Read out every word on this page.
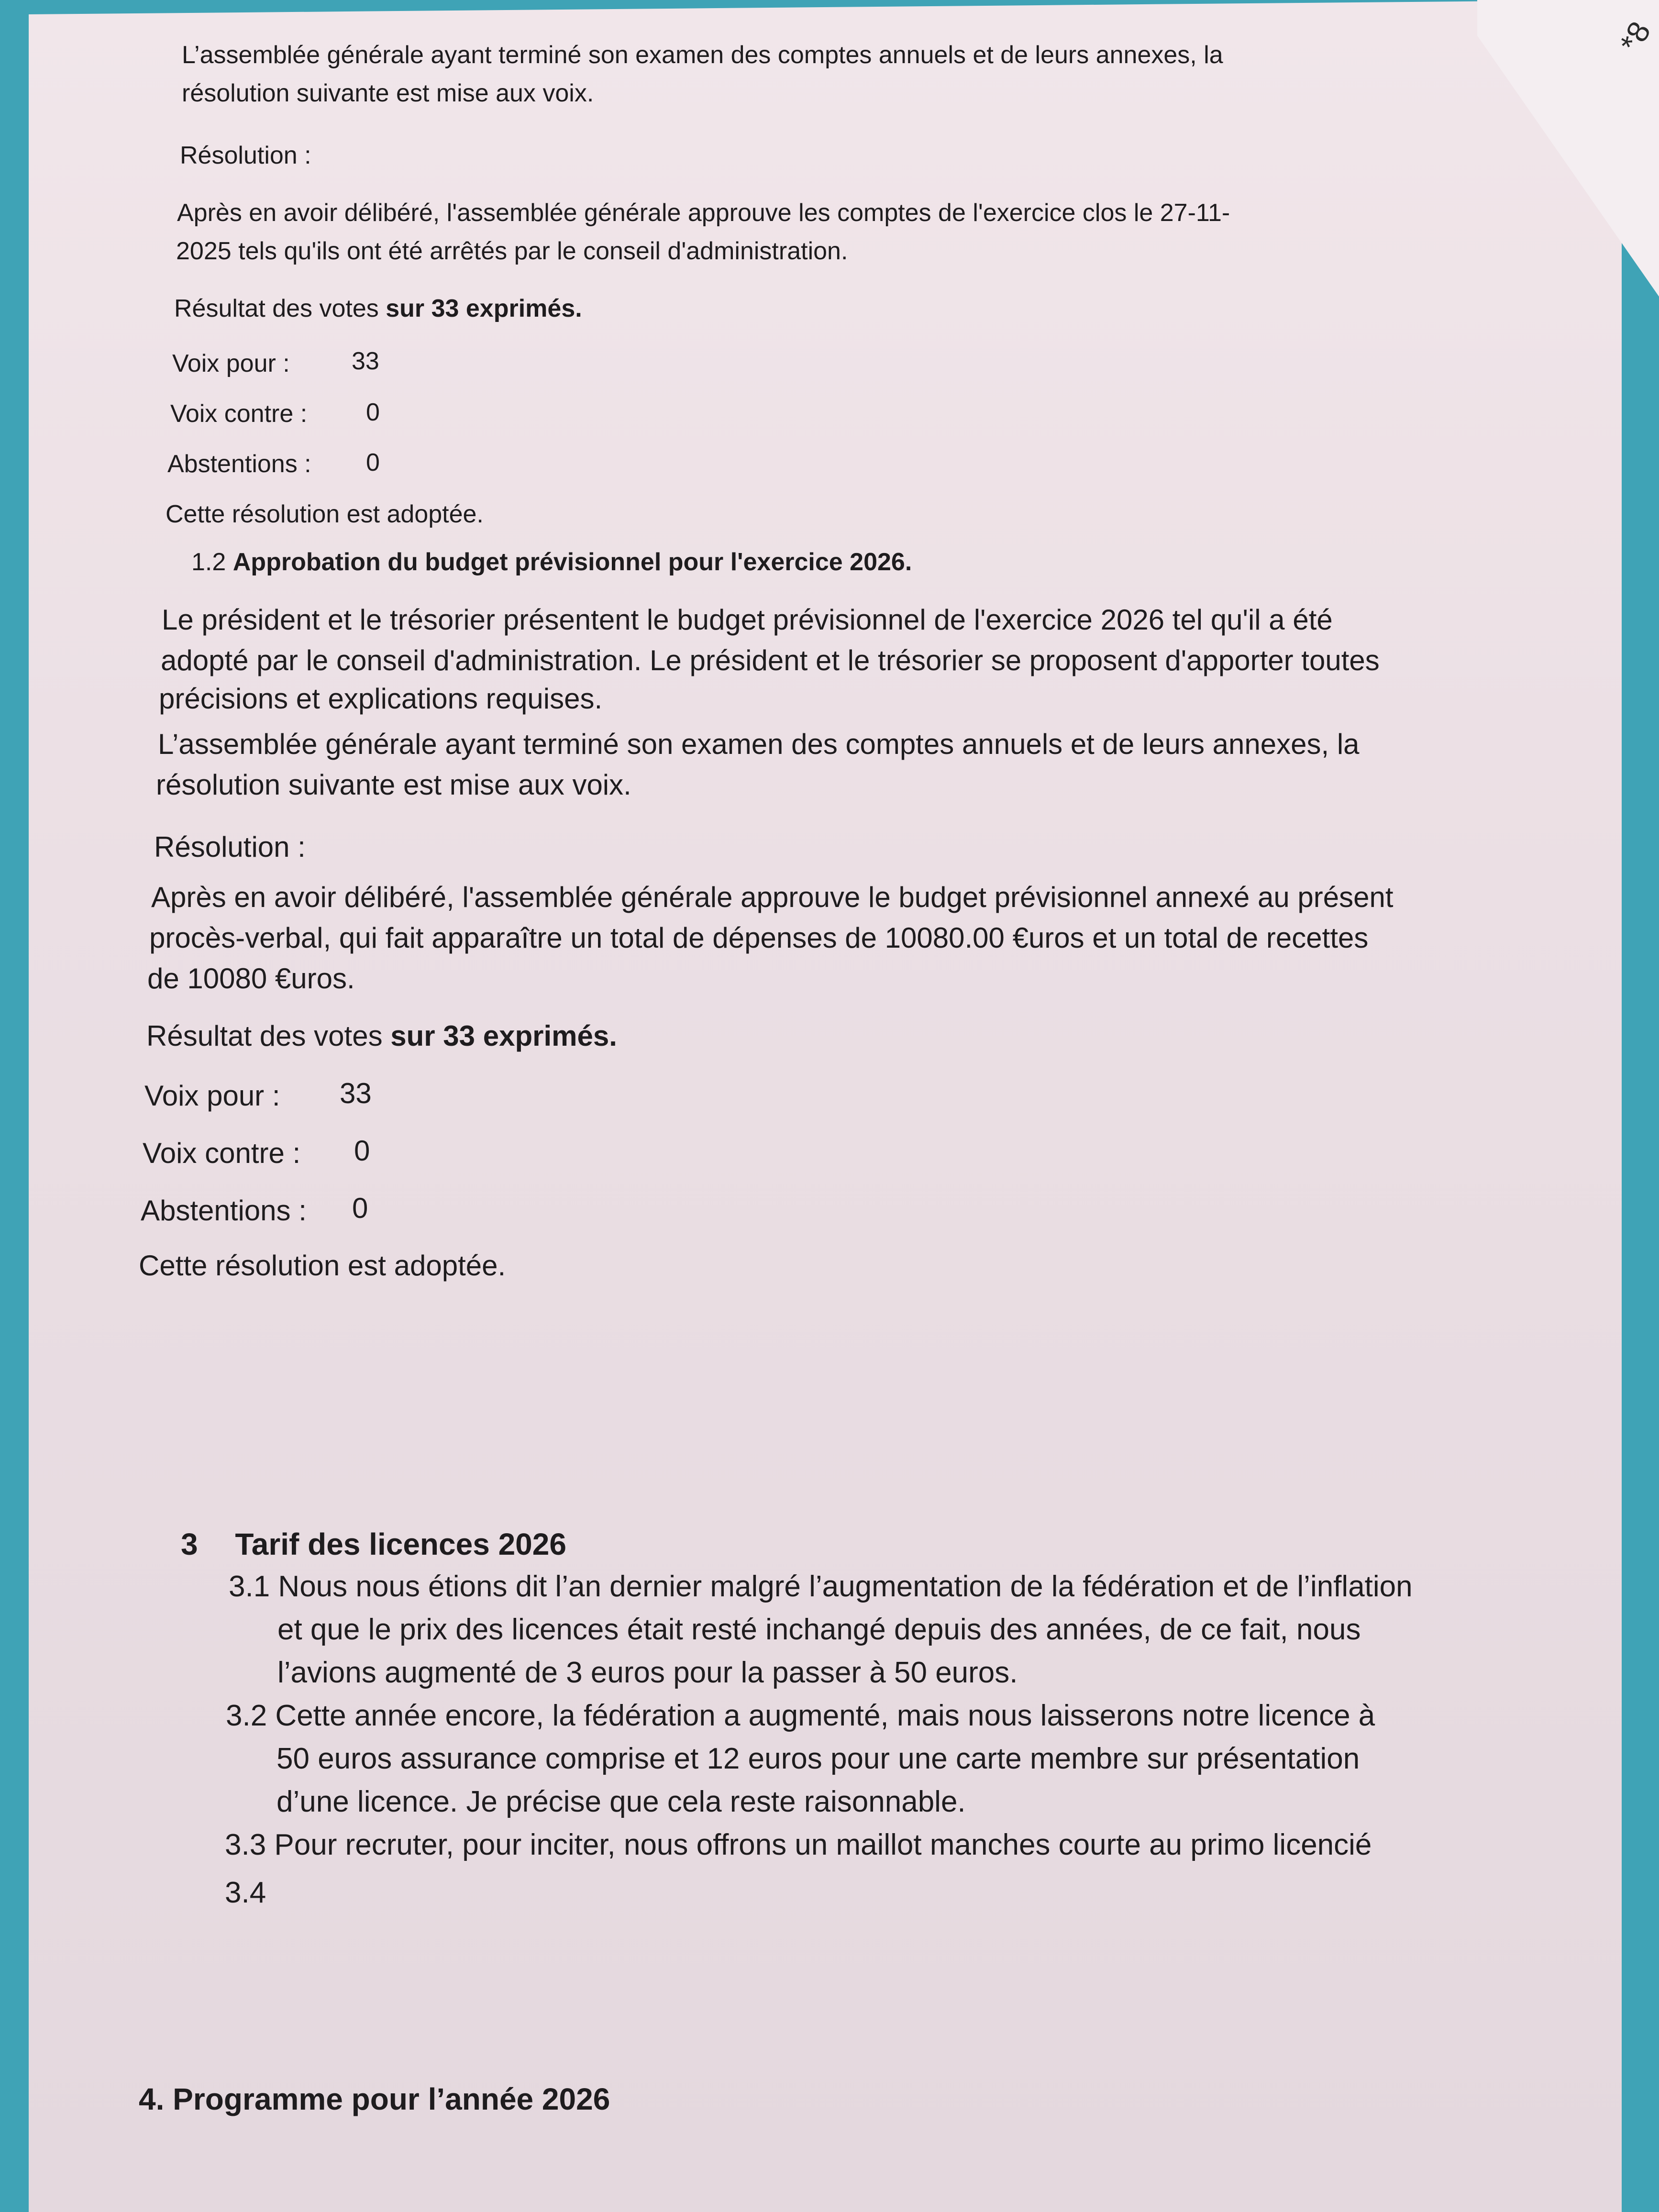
*8
L’assemblée générale ayant terminé son examen des comptes annuels et de leurs annexes, la
résolution suivante est mise aux voix.
Résolution :
Après en avoir délibéré, l'assemblée générale approuve les comptes de l'exercice clos le 27-11-
2025 tels qu'ils ont été arrêtés par le conseil d'administration.
Résultat des votes sur 33 exprimés.
Voix pour : 33
Voix contre : 0
Abstentions : 0
Cette résolution est adoptée.
1.2 Approbation du budget prévisionnel pour l'exercice 2026.
Le président et le trésorier présentent le budget prévisionnel de l'exercice 2026 tel qu'il a été
adopté par le conseil d'administration. Le président et le trésorier se proposent d'apporter toutes
précisions et explications requises.
L’assemblée générale ayant terminé son examen des comptes annuels et de leurs annexes, la
résolution suivante est mise aux voix.
Résolution :
Après en avoir délibéré, l'assemblée générale approuve le budget prévisionnel annexé au présent
procès-verbal, qui fait apparaître un total de dépenses de 10080.00 €uros et un total de recettes
de 10080 €uros.
Résultat des votes sur 33 exprimés.
Voix pour : 33
Voix contre : 0
Abstentions : 0
Cette résolution est adoptée.
3 Tarif des licences 2026
3.1 Nous nous étions dit l’an dernier malgré l’augmentation de la fédération et de l’inflation
et que le prix des licences était resté inchangé depuis des années, de ce fait, nous
l’avions augmenté de 3 euros pour la passer à 50 euros.
3.2 Cette année encore, la fédération a augmenté, mais nous laisserons notre licence à
50 euros assurance comprise et 12 euros pour une carte membre sur présentation
d’une licence. Je précise que cela reste raisonnable.
3.3 Pour recruter, pour inciter, nous offrons un maillot manches courte au primo licencié
3.4
4. Programme pour l’année 2026
